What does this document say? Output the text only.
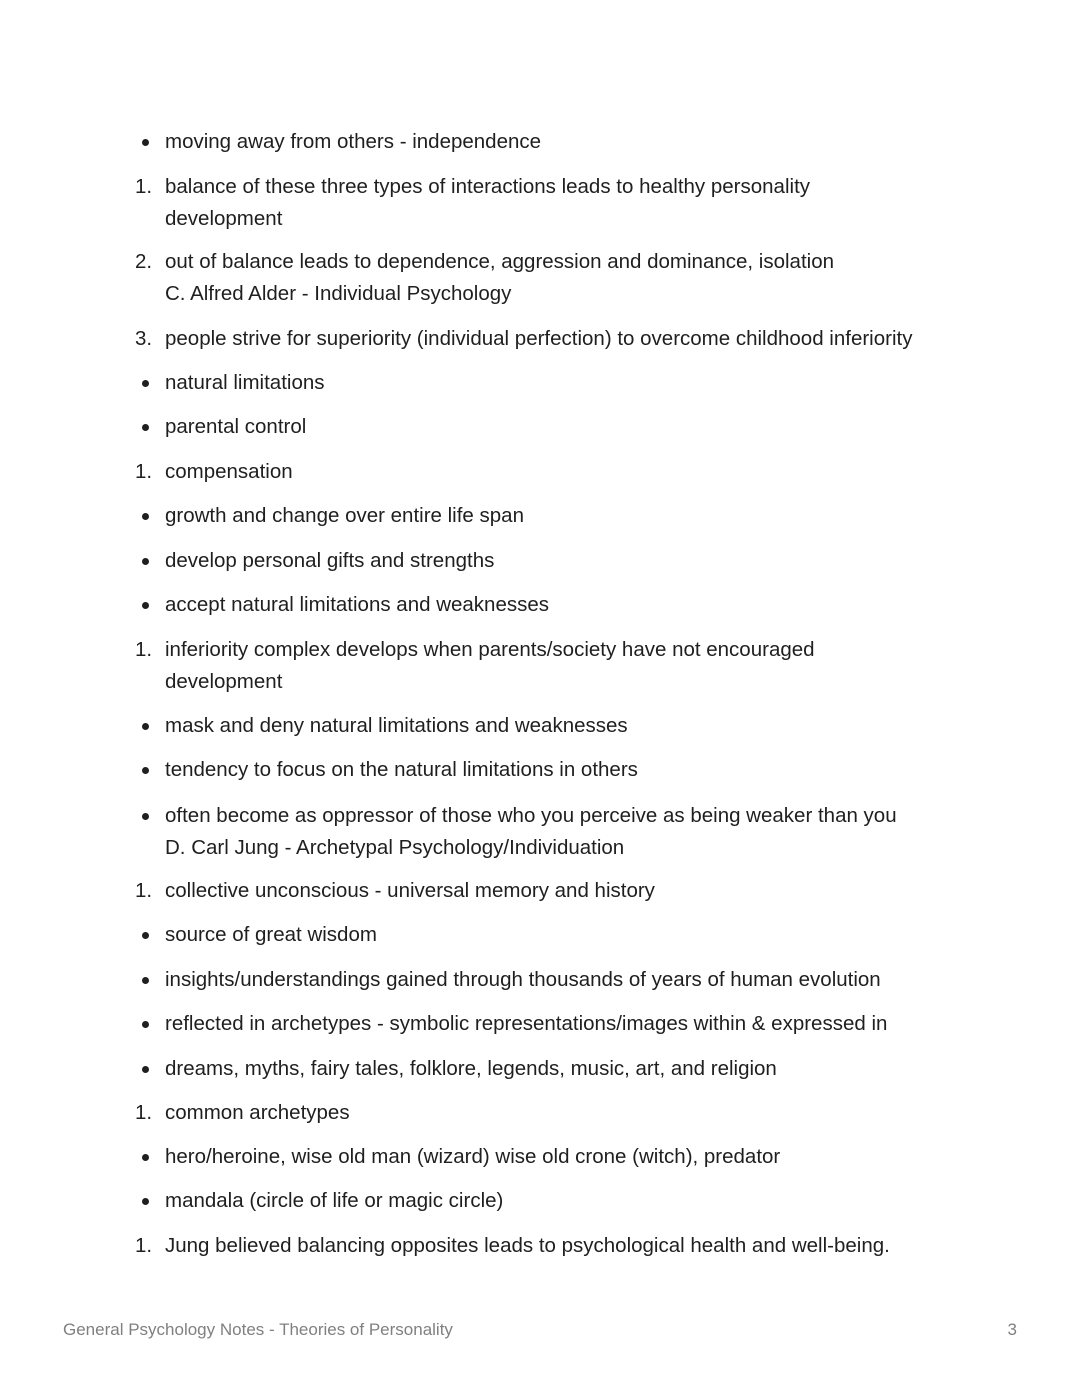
moving away from others - independence
1. balance of these three types of interactions leads to healthy personality
development
2. out of balance leads to dependence, aggression and dominance, isolation
C. Alfred Alder - Individual Psychology
3. people strive for superiority (individual perfection) to overcome childhood inferiority
natural limitations
parental control
1. compensation
growth and change over entire life span
develop personal gifts and strengths
accept natural limitations and weaknesses
1. inferiority complex develops when parents/society have not encouraged
development
mask and deny natural limitations and weaknesses
tendency to focus on the natural limitations in others
often become as oppressor of those who you perceive as being weaker than you
D. Carl Jung - Archetypal Psychology/Individuation
1. collective unconscious - universal memory and history
source of great wisdom
insights/understandings gained through thousands of years of human evolution
reflected in archetypes - symbolic representations/images within & expressed in
dreams, myths, fairy tales, folklore, legends, music, art, and religion
1. common archetypes
hero/heroine, wise old man (wizard) wise old crone (witch), predator
mandala (circle of life or magic circle)
1. Jung believed balancing opposites leads to psychological health and well-being.
General Psychology Notes - Theories of Personality	3
